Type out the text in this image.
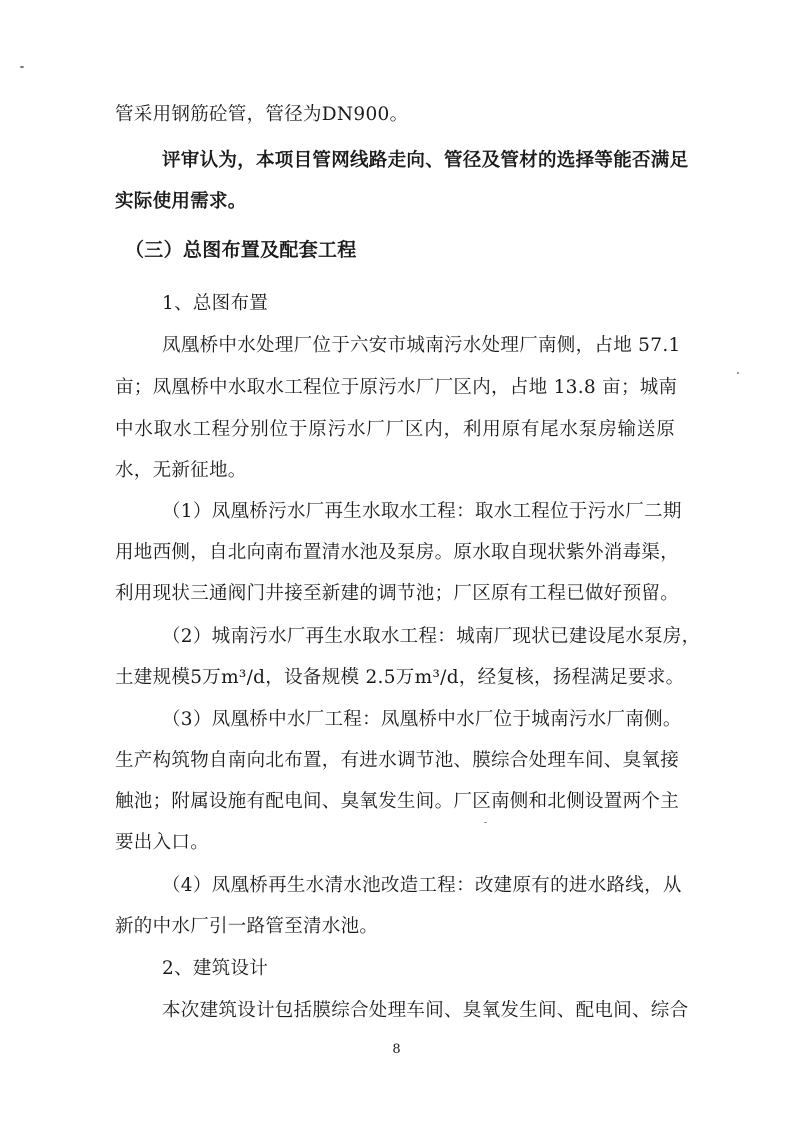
管采用钢筋砼管，管径为DN900。
评审认为，本项目管网线路走向、管径及管材的选择等能否满足
实际使用需求。
（三）总图布置及配套工程
1、总图布置
凤凰桥中水处理厂位于六安市城南污水处理厂南侧，占地 57.1
亩；凤凰桥中水取水工程位于原污水厂厂区内，占地 13.8 亩；城南
中水取水工程分别位于原污水厂厂区内，利用原有尾水泵房输送原
水，无新征地。
（1）凤凰桥污水厂再生水取水工程：取水工程位于污水厂二期
用地西侧，自北向南布置清水池及泵房。原水取自现状紫外消毒渠，
利用现状三通阀门井接至新建的调节池；厂区原有工程已做好预留。
（2）城南污水厂再生水取水工程：城南厂现状已建设尾水泵房，
土建规模5万m³/d，设备规模 2.5万m³/d，经复核，扬程满足要求。
（3）凤凰桥中水厂工程：凤凰桥中水厂位于城南污水厂南侧。
生产构筑物自南向北布置，有进水调节池、膜综合处理车间、臭氧接
触池；附属设施有配电间、臭氧发生间。厂区南侧和北侧设置两个主
要出入口。
（4）凤凰桥再生水清水池改造工程：改建原有的进水路线，从
新的中水厂引一路管至清水池。
2、建筑设计
本次建筑设计包括膜综合处理车间、臭氧发生间、配电间、综合
8
